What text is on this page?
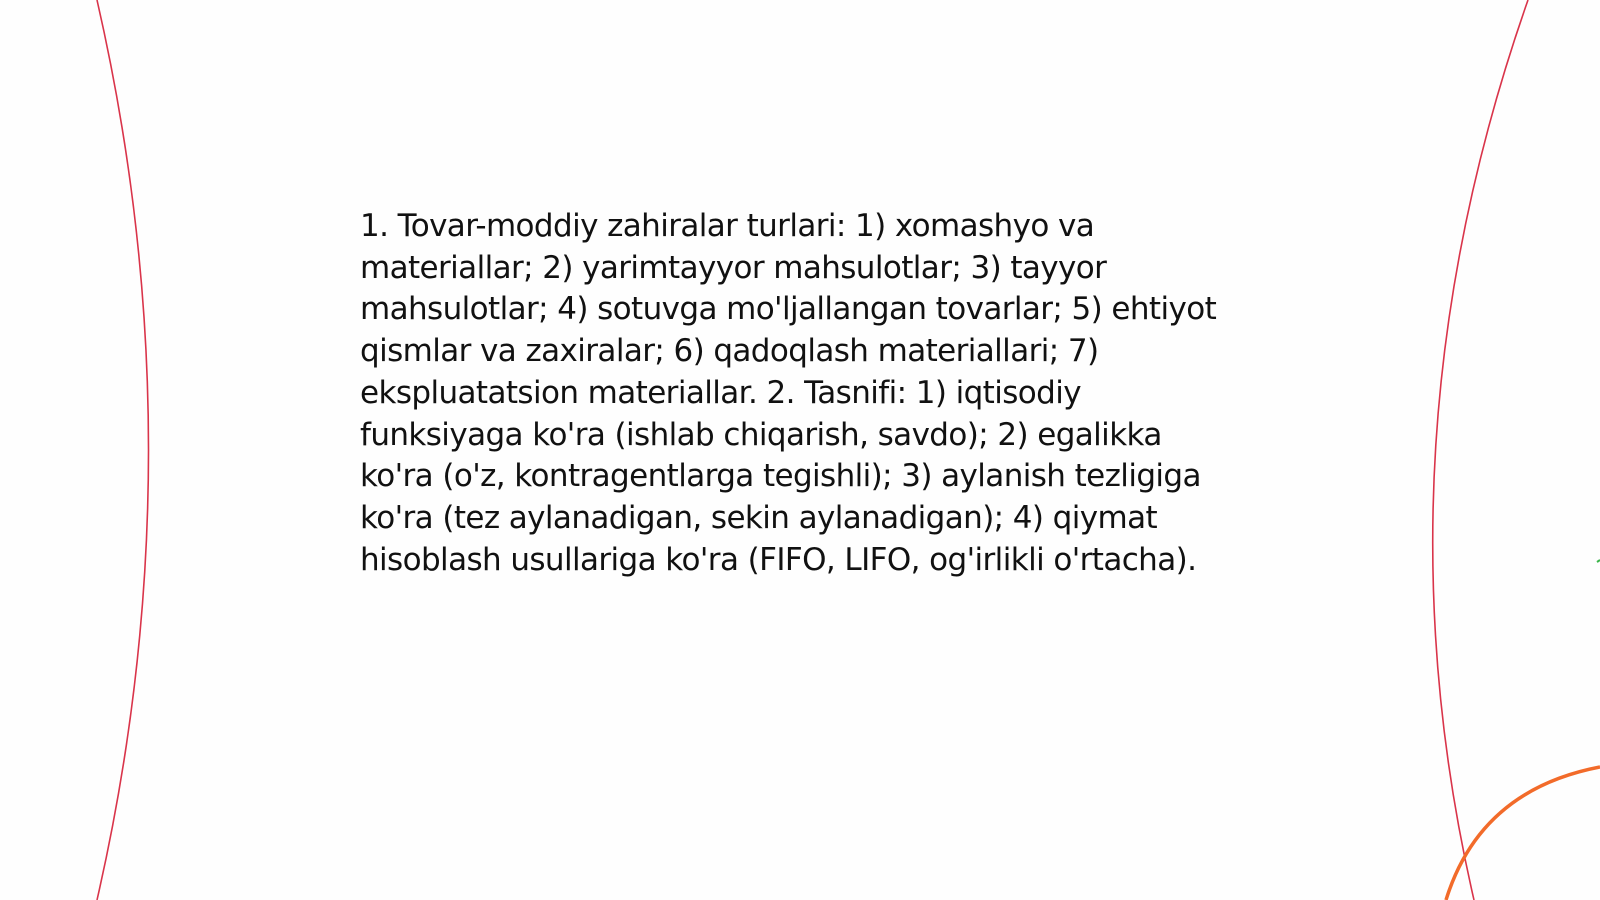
1. Tovar-moddiy zahiralar turlari: 1) xomashyo va materiallar; 2) yarimtayyor mahsulotlar; 3) tayyor mahsulotlar; 4) sotuvga mo'ljallangan tovarlar; 5) ehtiyot qismlar va zaxiralar; 6) qadoqlash materiallari; 7) ekspluatatsion materiallar. 2. Tasnifi: 1) iqtisodiy funksiyaga ko'ra (ishlab chiqarish, savdo); 2) egalikka ko'ra (o'z, kontragentlarga tegishli); 3) aylanish tezligiga ko'ra (tez aylanadigan, sekin aylanadigan); 4) qiymat hisoblash usullariga ko'ra (FIFO, LIFO, og'irlikli o'rtacha).
